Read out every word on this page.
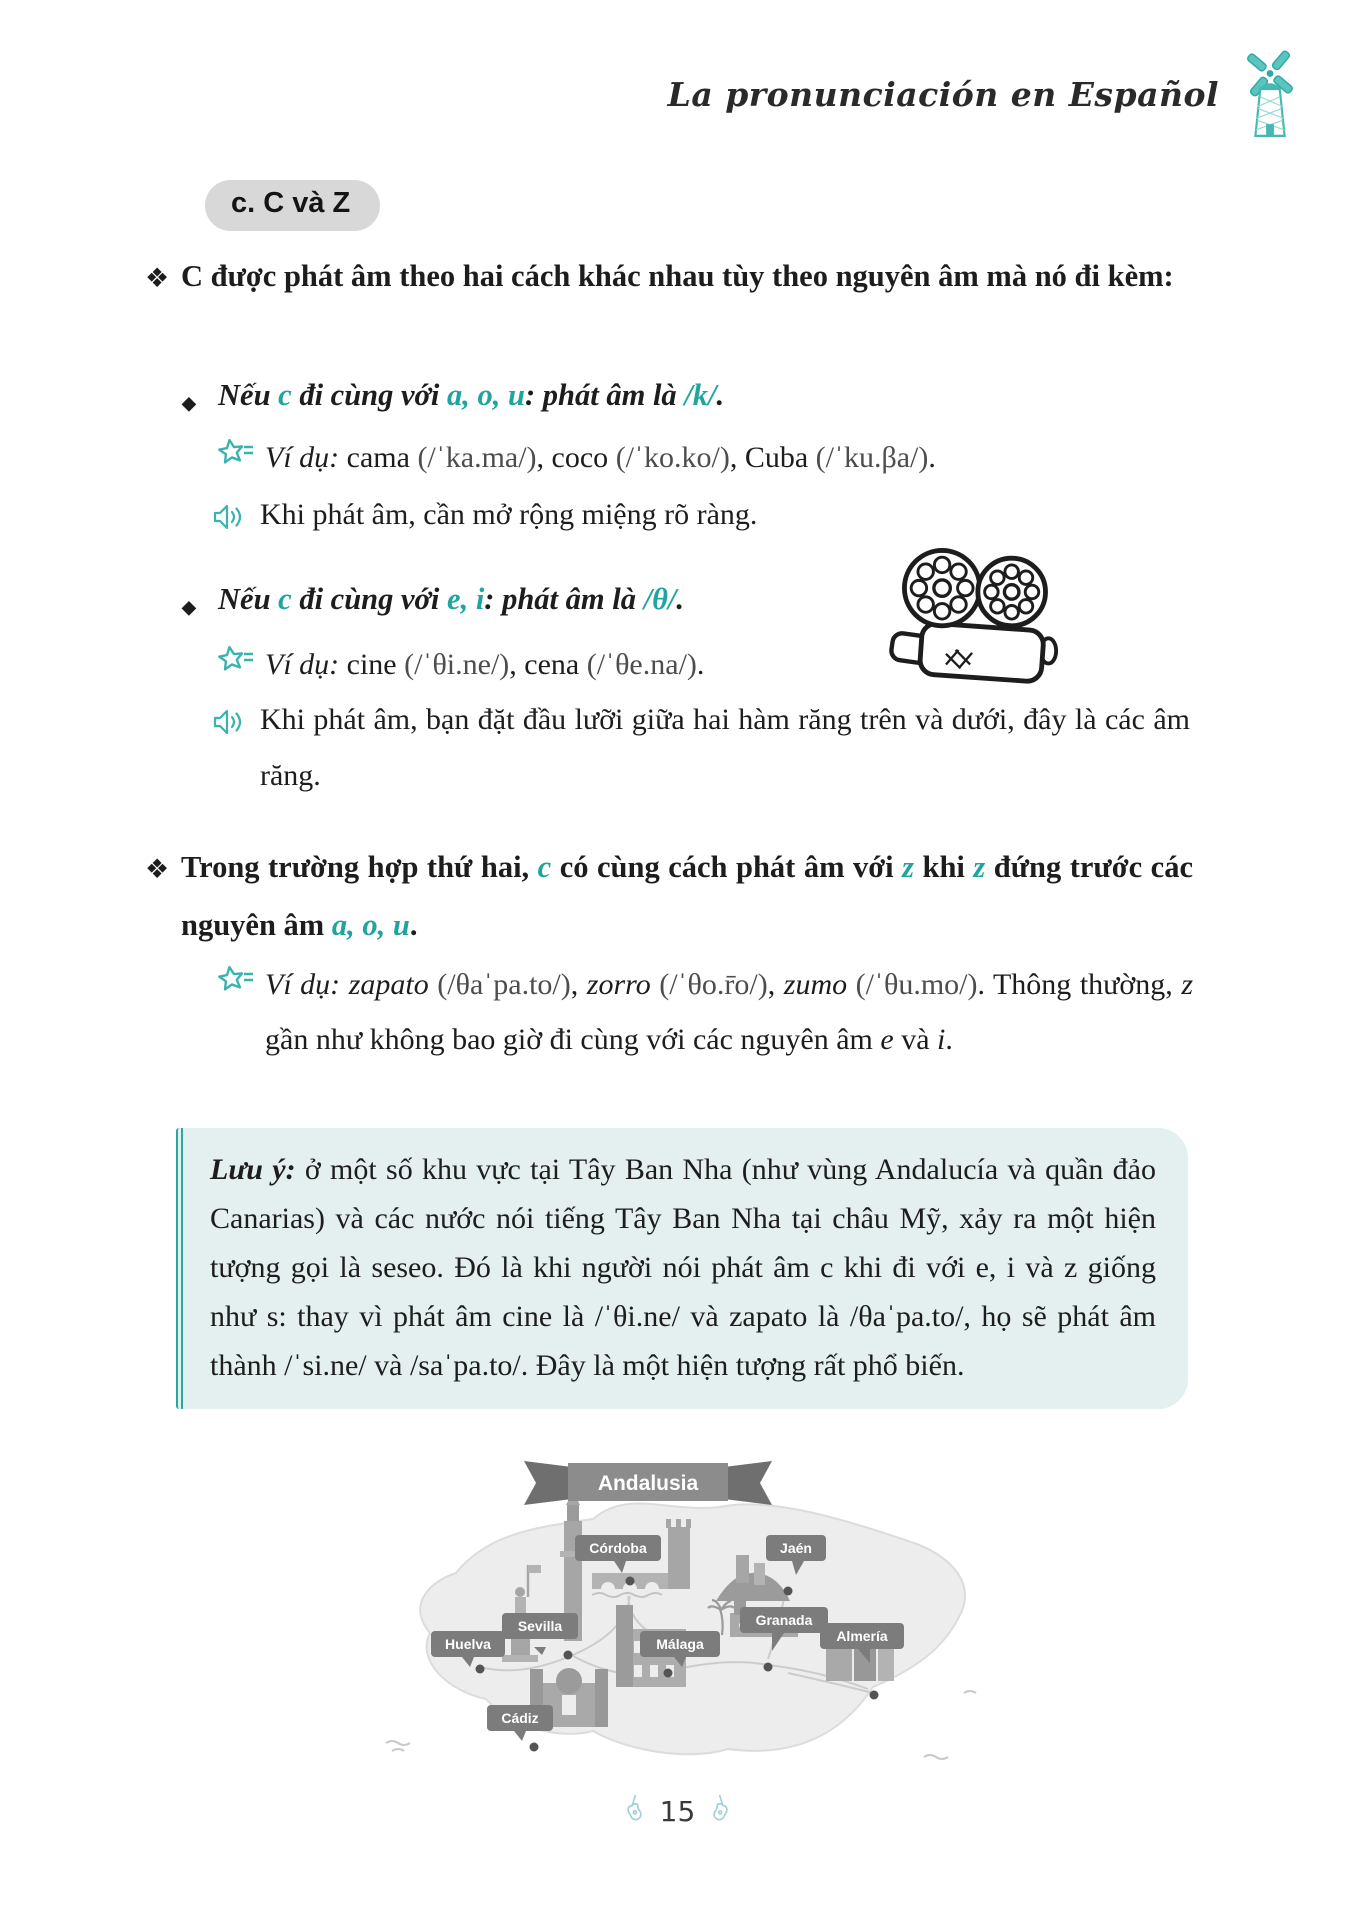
La pronunciación en Español
c. C và Z
❖ C được phát âm theo hai cách khác nhau tùy theo nguyên âm mà nó đi kèm:
◆ Nếu c đi cùng với a, o, u: phát âm là /k/.
Ví dụ: cama (/ˈka.ma/), coco (/ˈko.ko/), Cuba (/ˈku.βa/).
Khi phát âm, cần mở rộng miệng rõ ràng.
◆ Nếu c đi cùng với e, i: phát âm là /θ/.
Ví dụ: cine (/ˈθi.ne/), cena (/ˈθe.na/).
Khi phát âm, bạn đặt đầu lưỡi giữa hai hàm răng trên và dưới, đây là các âm răng.
❖ Trong trường hợp thứ hai, c có cùng cách phát âm với z khi z đứng trước các nguyên âm a, o, u.
Ví dụ: zapato (/θaˈpa.to/), zorro (/ˈθo.r̄o/), zumo (/ˈθu.mo/). Thông thường, z gần như không bao giờ đi cùng với các nguyên âm e và i.
Lưu ý: ở một số khu vực tại Tây Ban Nha (như vùng Andalucía và quần đảo Canarias) và các nước nói tiếng Tây Ban Nha tại châu Mỹ, xảy ra một hiện tượng gọi là seseo. Đó là khi người nói phát âm c khi đi với e, i và z giống như s: thay vì phát âm cine là /ˈθi.ne/ và zapato là /θaˈpa.to/, họ sẽ phát âm thành /ˈsi.ne/ và /saˈpa.to/. Đây là một hiện tượng rất phổ biến.
Huelva
Sevilla
Cádiz
Córdoba
Málaga
Jaén
Granada
Almería
Andalusia
15
